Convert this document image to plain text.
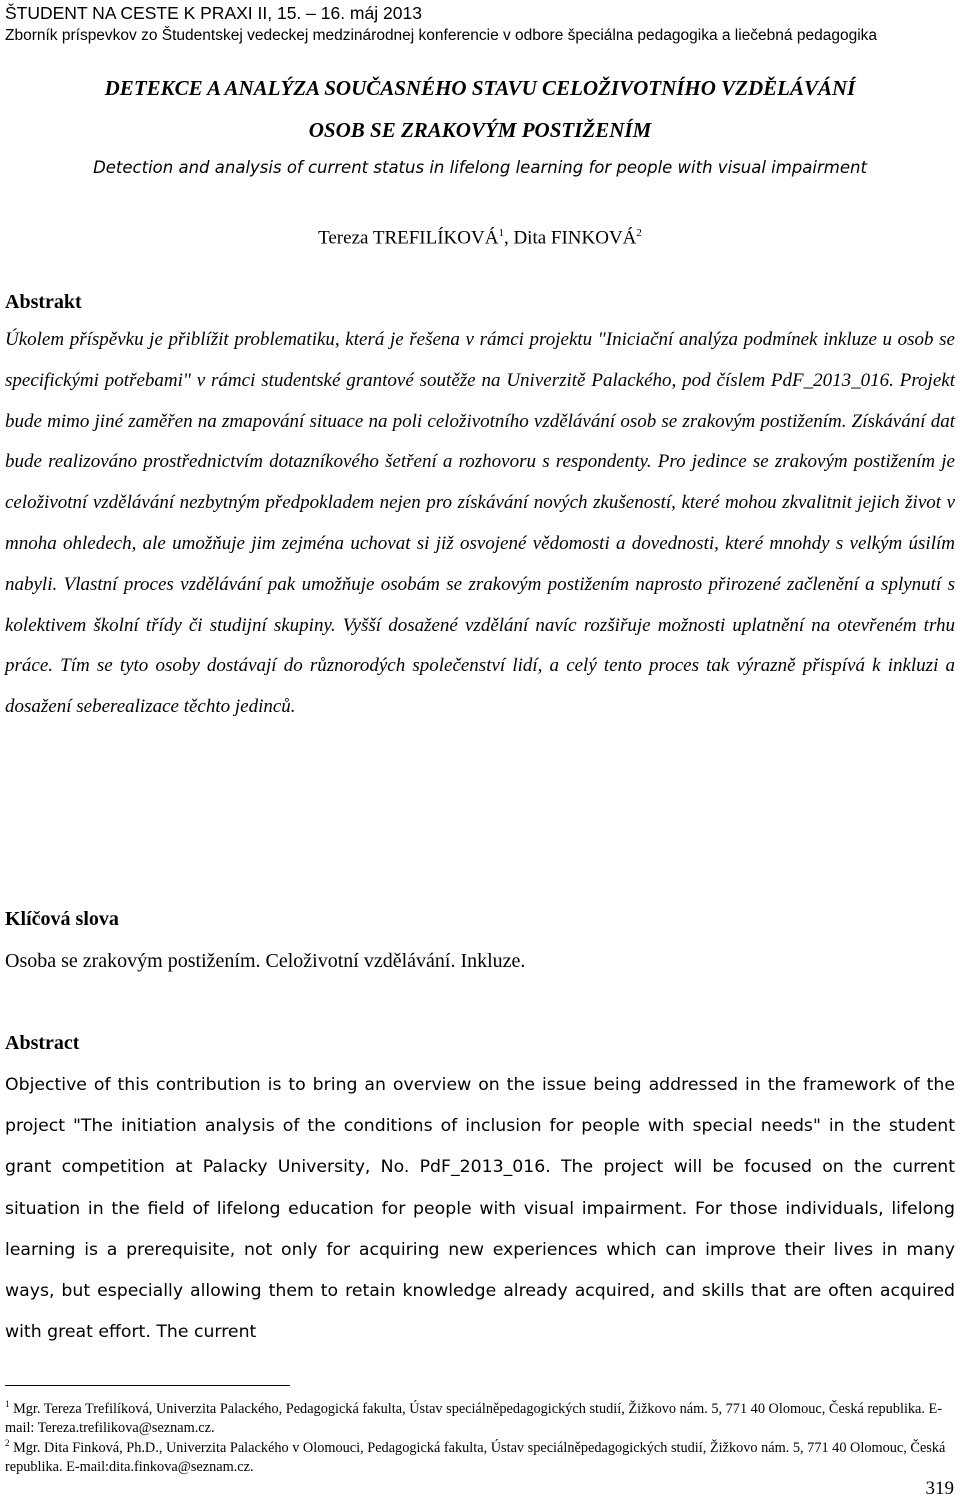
ŠTUDENT NA CESTE K PRAXI II, 15. – 16. máj 2013
Zborník príspevkov zo Študentskej vedeckej medzinárodnej konferencie v odbore špeciálna pedagogika a liečebná pedagogika
DETEKCE A ANALÝZA SOUČASNÉHO STAVU CELOŽIVOTNÍHO VZDĚLÁVÁNÍ
OSOB SE ZRAKOVÝM POSTIŽENÍM
Detection and analysis of current status in lifelong learning for people with visual impairment
Tereza TREFILÍKOVÁ$^1$, Dita FINKOVÁ$^2$
Abstrakt
Úkolem příspěvku je přiblížit problematiku, která je řešena v rámci projektu "Iniciační analýza podmínek inkluze u osob se specifickými potřebami" v rámci studentské grantové soutěže na Univerzitě Palackého, pod číslem PdF_2013_016. Projekt bude mimo jiné zaměřen na zmapování situace na poli celoživotního vzdělávání osob se zrakovým postižením. Získávání dat bude realizováno prostřednictvím dotazníkového šetření a rozhovoru s respondenty. Pro jedince se zrakovým postižením je celoživotní vzdělávání nezbytným předpokladem nejen pro získávání nových zkušeností, které mohou zkvalitnit jejich život v mnoha ohledech, ale umožňuje jim zejména uchovat si již osvojené vědomosti a dovednosti, které mnohdy s velkým úsilím nabyli. Vlastní proces vzdělávání pak umožňuje osobám se zrakovým postižením naprosto přirozené začlenění a splynutí s kolektivem školní třídy či studijní skupiny. Vyšší dosažené vzdělání navíc rozšiřuje možnosti uplatnění na otevřeném trhu práce. Tím se tyto osoby dostávají do různorodých společenství lidí, a celý tento proces tak výrazně přispívá k inkluzi a dosažení seberealizace těchto jedinců.
Klíčová slova
Osoba se zrakovým postižením. Celoživotní vzdělávání. Inkluze.
Abstract
Objective of this contribution is to bring an overview on the issue being addressed in the framework of the project "The initiation analysis of the conditions of inclusion for people with special needs" in the student grant competition at Palacky University, No. PdF_2013_016. The project will be focused on the current situation in the field of lifelong education for people with visual impairment. For those individuals, lifelong learning is a prerequisite, not only for acquiring new experiences which can improve their lives in many ways, but especially allowing them to retain knowledge already acquired, and skills that are often acquired with great effort. The current
$^1$ Mgr. Tereza Trefilíková, Univerzita Palackého, Pedagogická fakulta, Ústav speciálněpedagogických studií, Žižkovo nám. 5, 771 40 Olomouc, Česká republika. E-mail: Tereza.trefilikova@seznam.cz.
$^2$ Mgr. Dita Finková, Ph.D., Univerzita Palackého v Olomouci, Pedagogická fakulta, Ústav speciálněpedagogických studií, Žižkovo nám. 5, 771 40 Olomouc, Česká republika. E-mail:dita.finkova@seznam.cz.
319
